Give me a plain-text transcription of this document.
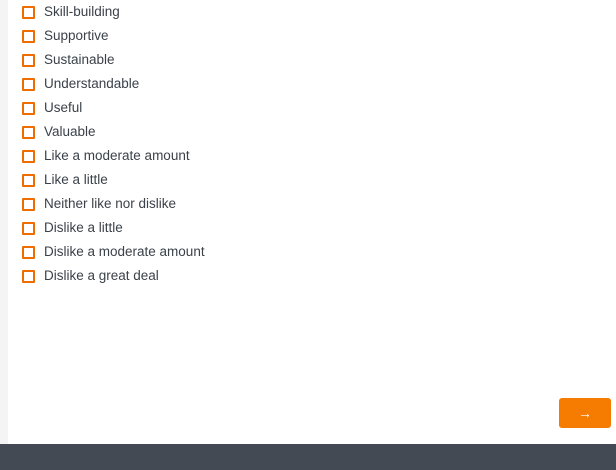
Skill-building
Supportive
Sustainable
Understandable
Useful
Valuable
Like a moderate amount
Like a little
Neither like nor dislike
Dislike a little
Dislike a moderate amount
Dislike a great deal
→
